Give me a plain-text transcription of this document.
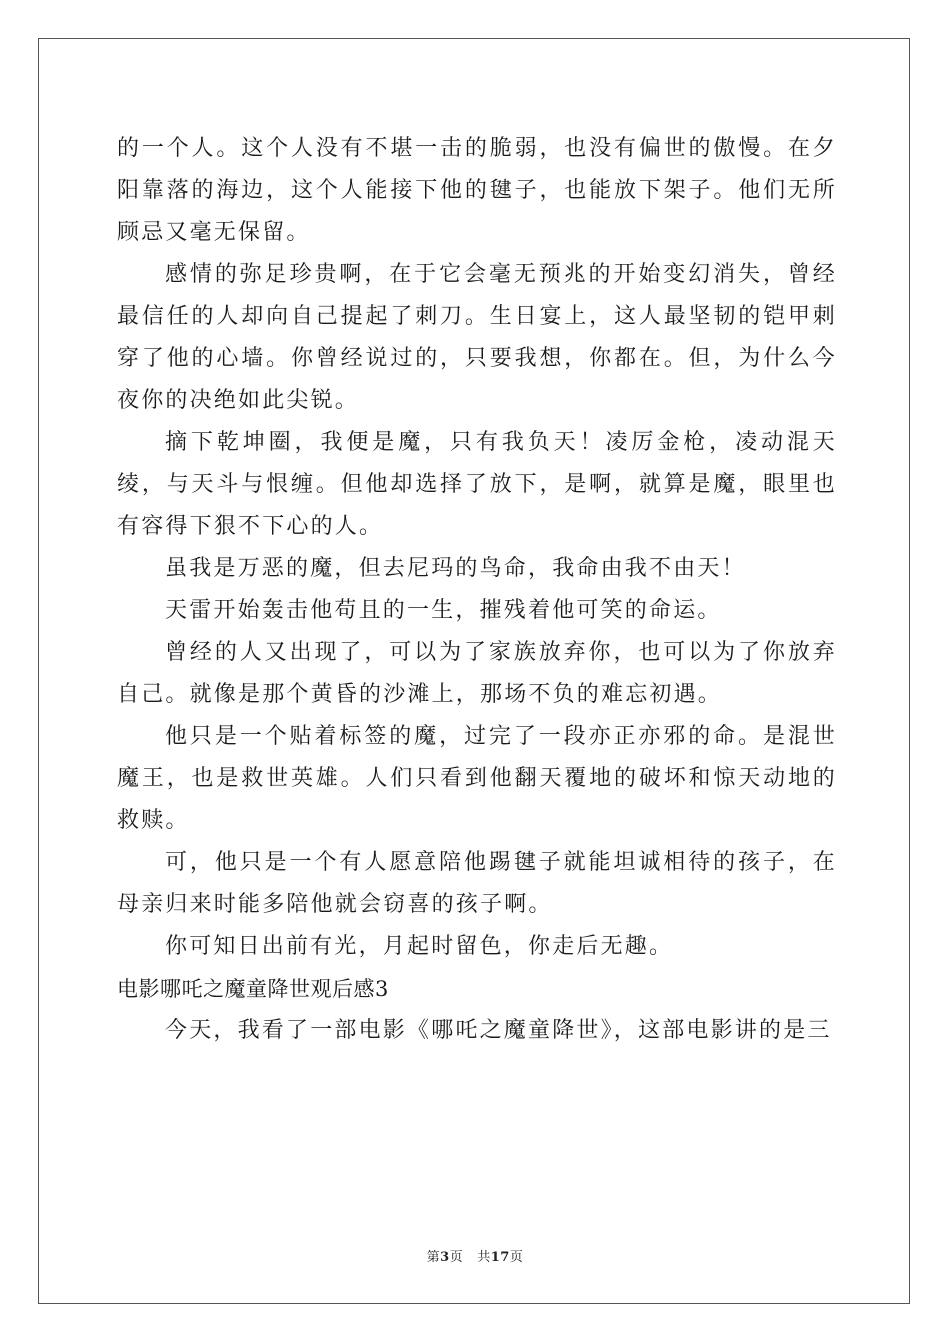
的一个人。这个人没有不堪一击的脆弱，也没有偏世的傲慢。在夕阳靠落的海边，这个人能接下他的毽子，也能放下架子。他们无所顾忌又毫无保留。

感情的弥足珍贵啊，在于它会毫无预兆的开始变幻消失，曾经最信任的人却向自己提起了刺刀。生日宴上，这人最坚韧的铠甲刺穿了他的心墙。你曾经说过的，只要我想，你都在。但，为什么今夜你的决绝如此尖锐。

摘下乾坤圈，我便是魔，只有我负天！凌厉金枪，凌动混天绫，与天斗与恨缠。但他却选择了放下，是啊，就算是魔，眼里也有容得下狠不下心的人。

虽我是万恶的魔，但去尼玛的鸟命，我命由我不由天！

天雷开始轰击他苟且的一生，摧残着他可笑的命运。

曾经的人又出现了，可以为了家族放弃你，也可以为了你放弃自己。就像是那个黄昏的沙滩上，那场不负的难忘初遇。

他只是一个贴着标签的魔，过完了一段亦正亦邪的命。是混世魔王，也是救世英雄。人们只看到他翻天覆地的破坏和惊天动地的救赎。

可，他只是一个有人愿意陪他踢毽子就能坦诚相待的孩子，在母亲归来时能多陪他就会窃喜的孩子啊。

你可知日出前有光，月起时留色，你走后无趣。

电影哪吒之魔童降世观后感3

今天，我看了一部电影《哪吒之魔童降世》，这部电影讲的是三

第3页 共17页
